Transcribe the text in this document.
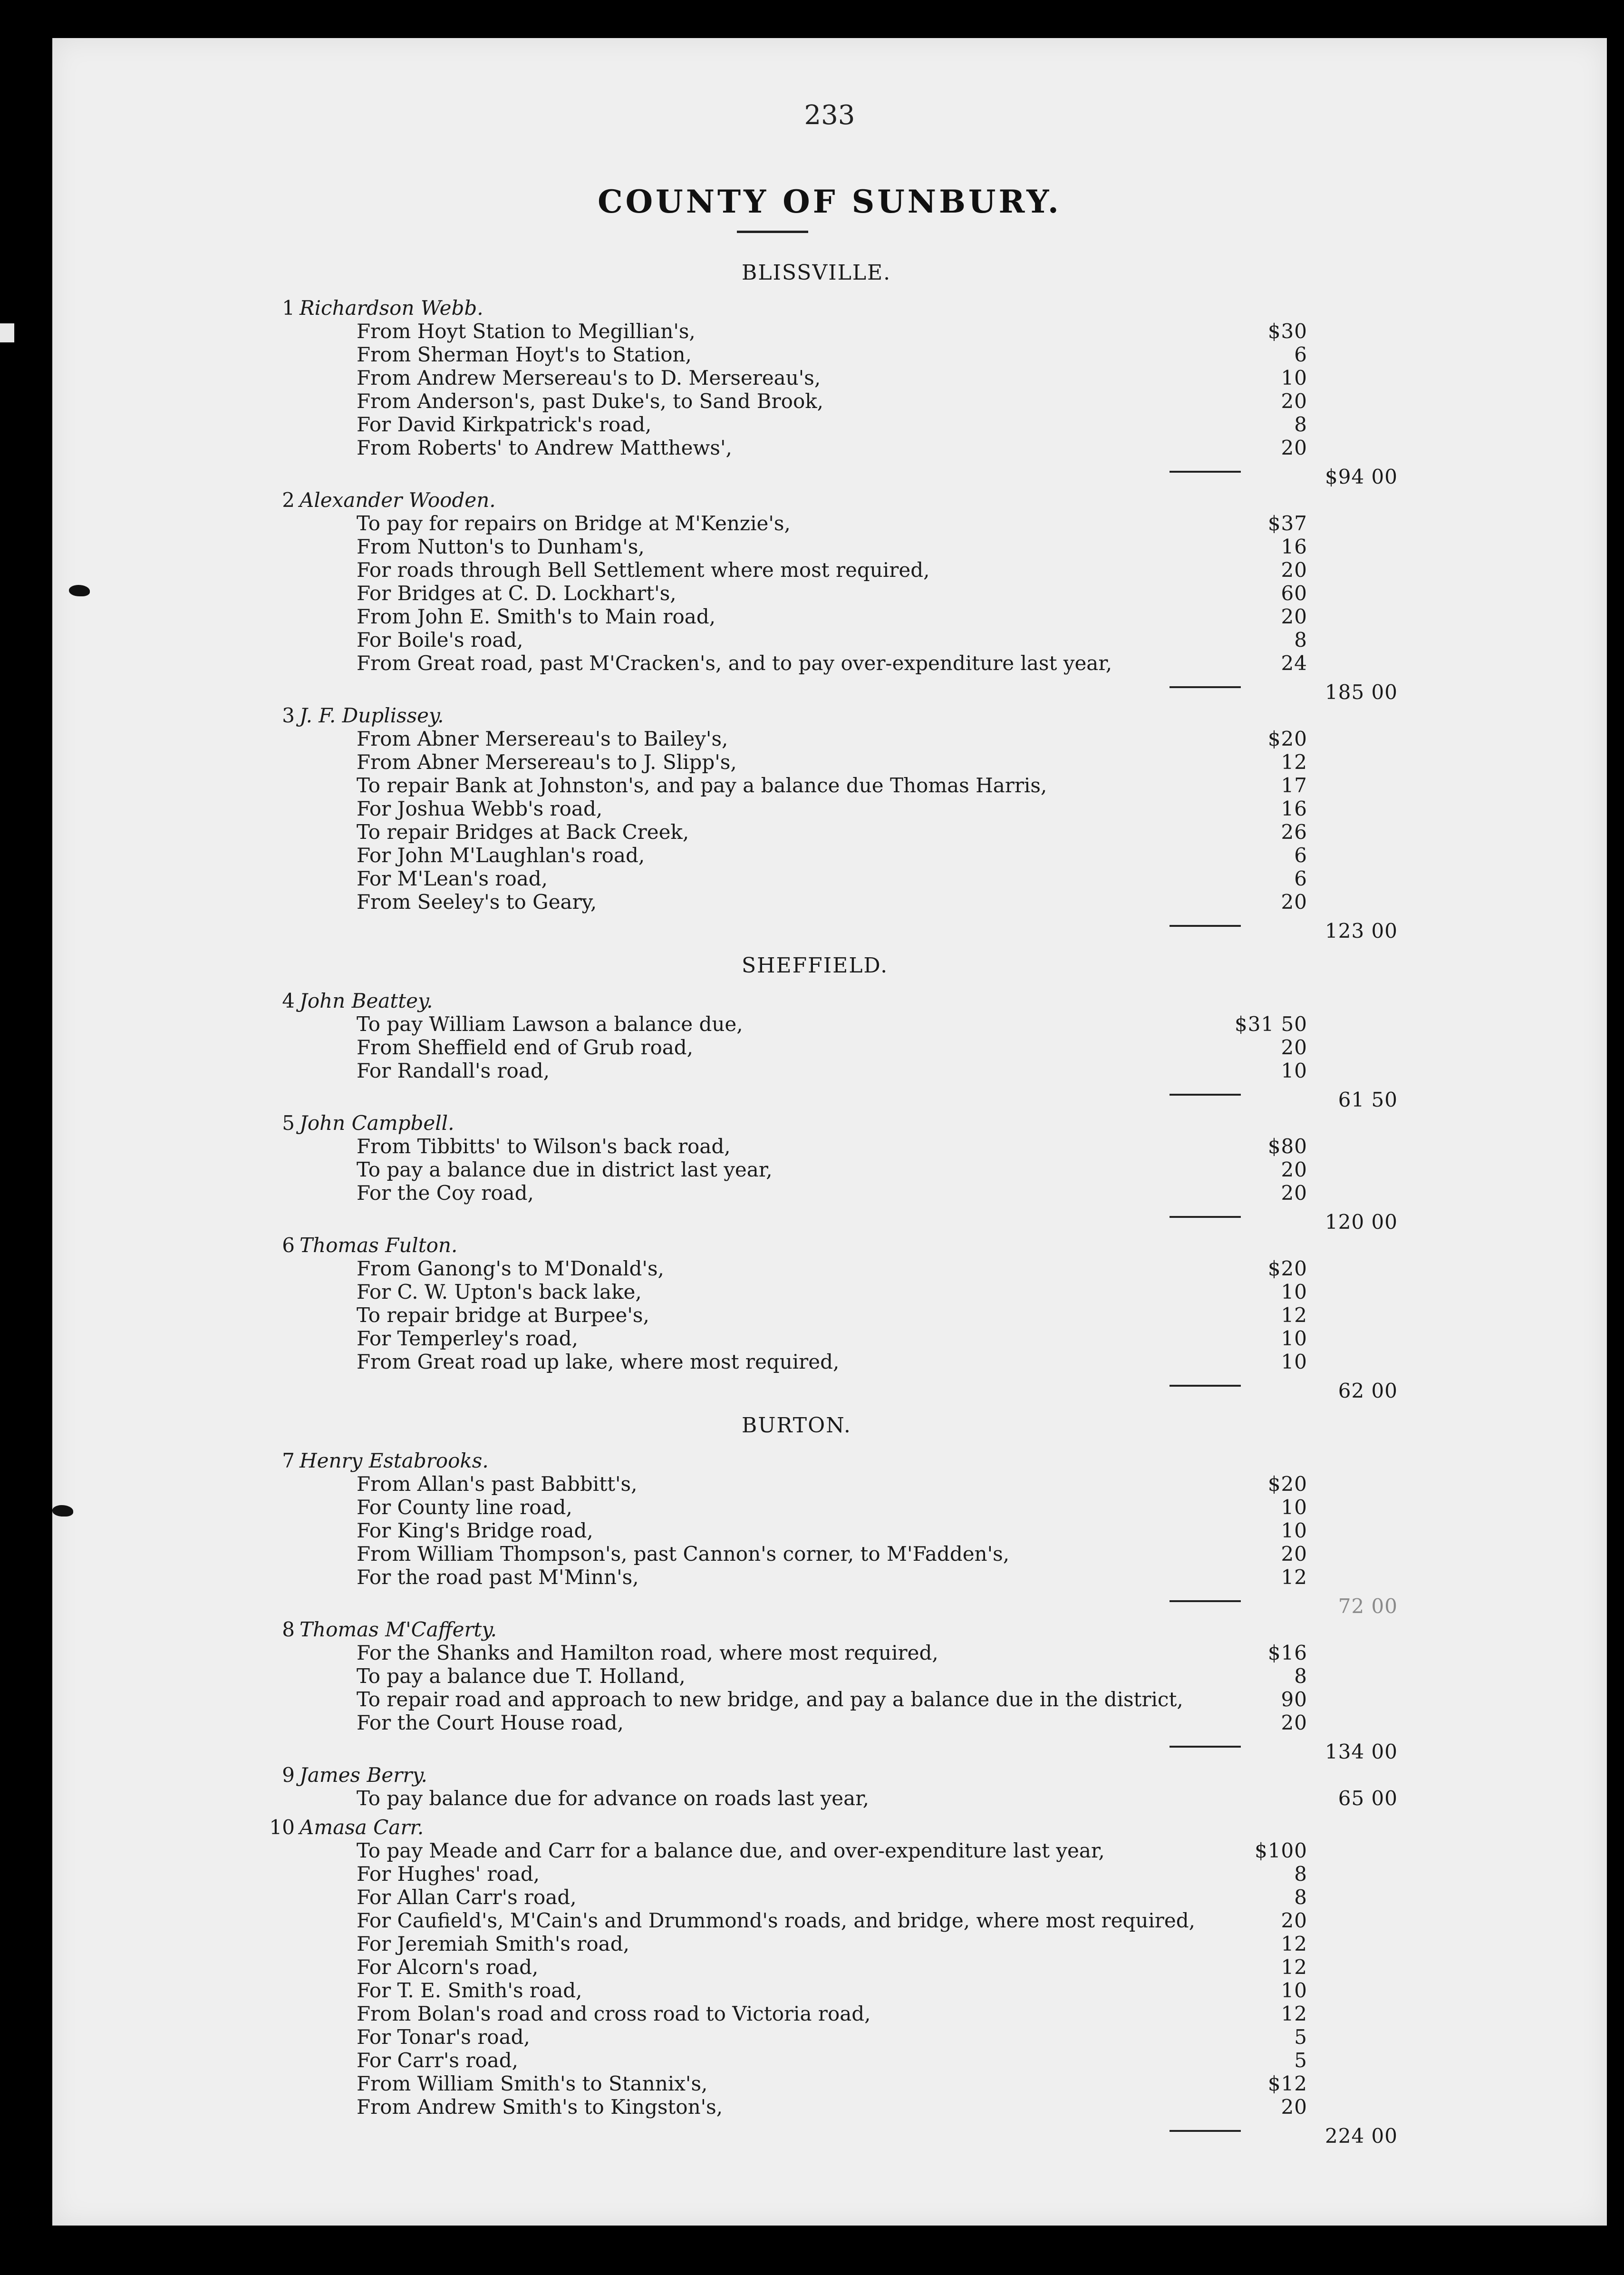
233
COUNTY OF SUNBURY.
BLISSVILLE.
1 Richardson Webb.
From Hoyt Station to Megillian's,	$30
From Sherman Hoyt's to Station,	6
From Andrew Mersereau's to D. Mersereau's,	10
From Anderson's, past Duke's, to Sand Brook,	20
For David Kirkpatrick's road,	8
From Roberts' to Andrew Matthews',	20
$94 00
2 Alexander Wooden.
To pay for repairs on Bridge at M'Kenzie's,	$37
From Nutton's to Dunham's,	16
For roads through Bell Settlement where most required,	20
For Bridges at C. D. Lockhart's,	60
From John E. Smith's to Main road,	20
For Boile's road,	8
From Great road, past M'Cracken's, and to pay over-expenditure last year,	24
185 00
3 J. F. Duplissey.
From Abner Mersereau's to Bailey's,	$20
From Abner Mersereau's to J. Slipp's,	12
To repair Bank at Johnston's, and pay a balance due Thomas Harris,	17
For Joshua Webb's road,	16
To repair Bridges at Back Creek,	26
For John M'Laughlan's road,	6
For M'Lean's road,	6
From Seeley's to Geary,	20
123 00
SHEFFIELD.
4 John Beattey.
To pay William Lawson a balance due,	$31 50
From Sheffield end of Grub road,	20
For Randall's road,	10
61 50
5 John Campbell.
From Tibbitts' to Wilson's back road,	$80
To pay a balance due in district last year,	20
For the Coy road,	20
120 00
6 Thomas Fulton.
From Ganong's to M'Donald's,	$20
For C. W. Upton's back lake,	10
To repair bridge at Burpee's,	12
For Temperley's road,	10
From Great road up lake, where most required,	10
62 00
BURTON.
7 Henry Estabrooks.
From Allan's past Babbitt's,	$20
For County line road,	10
For King's Bridge road,	10
From William Thompson's, past Cannon's corner, to M'Fadden's,	20
For the road past M'Minn's,	12
72 00
8 Thomas M'Cafferty.
For the Shanks and Hamilton road, where most required,	$16
To pay a balance due T. Holland,	8
To repair road and approach to new bridge, and pay a balance due in the district,	90
For the Court House road,	20
134 00
9 James Berry.
To pay balance due for advance on roads last year,	65 00
10 Amasa Carr.
To pay Meade and Carr for a balance due, and over-expenditure last year,	$100
For Hughes' road,	8
For Allan Carr's road,	8
For Caufield's, M'Cain's and Drummond's roads, and bridge, where most required,	20
For Jeremiah Smith's road,	12
For Alcorn's road,	12
For T. E. Smith's road,	10
From Bolan's road and cross road to Victoria road,	12
For Tonar's road,	5
For Carr's road,	5
From William Smith's to Stannix's,	$12
From Andrew Smith's to Kingston's,	20
224 00
